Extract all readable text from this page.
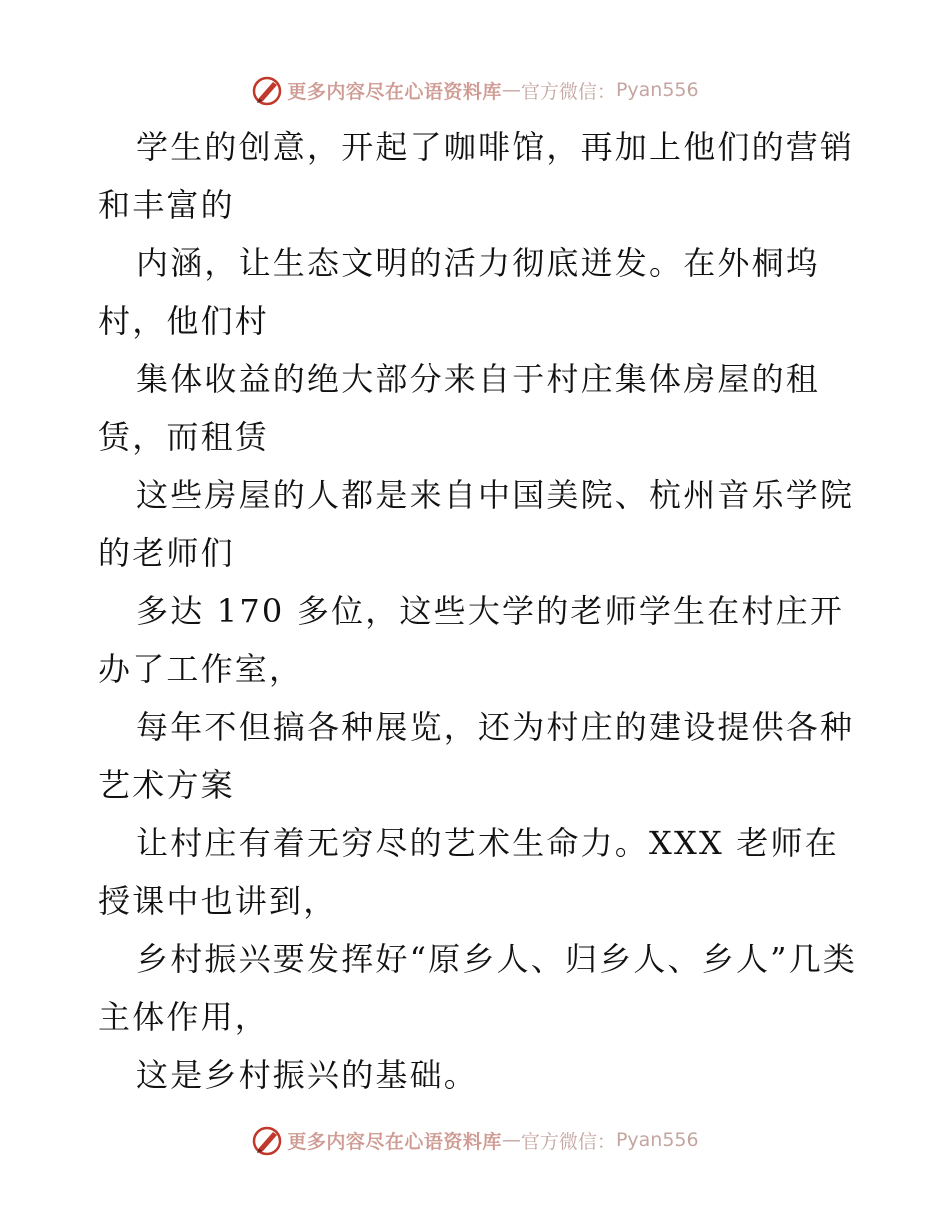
更多内容尽在心语资料库 — 官方微信： Pyan556

学生的创意，开起了咖啡馆，再加上他们的营销和丰富的

内涵，让生态文明的活力彻底迸发。在外桐坞村，他们村

集体收益的绝大部分来自于村庄集体房屋的租赁，而租赁

这些房屋的人都是来自中国美院、杭州音乐学院的老师们

多达 170 多位，这些大学的老师学生在村庄开办了工作室，

每年不但搞各种展览，还为村庄的建设提供各种艺术方案

让村庄有着无穷尽的艺术生命力。XXX 老师在授课中也讲到，

乡村振兴要发挥好“原乡人、归乡人、乡人”几类主体作用，

这是乡村振兴的基础。

更多内容尽在心语资料库 — 官方微信： Pyan556
